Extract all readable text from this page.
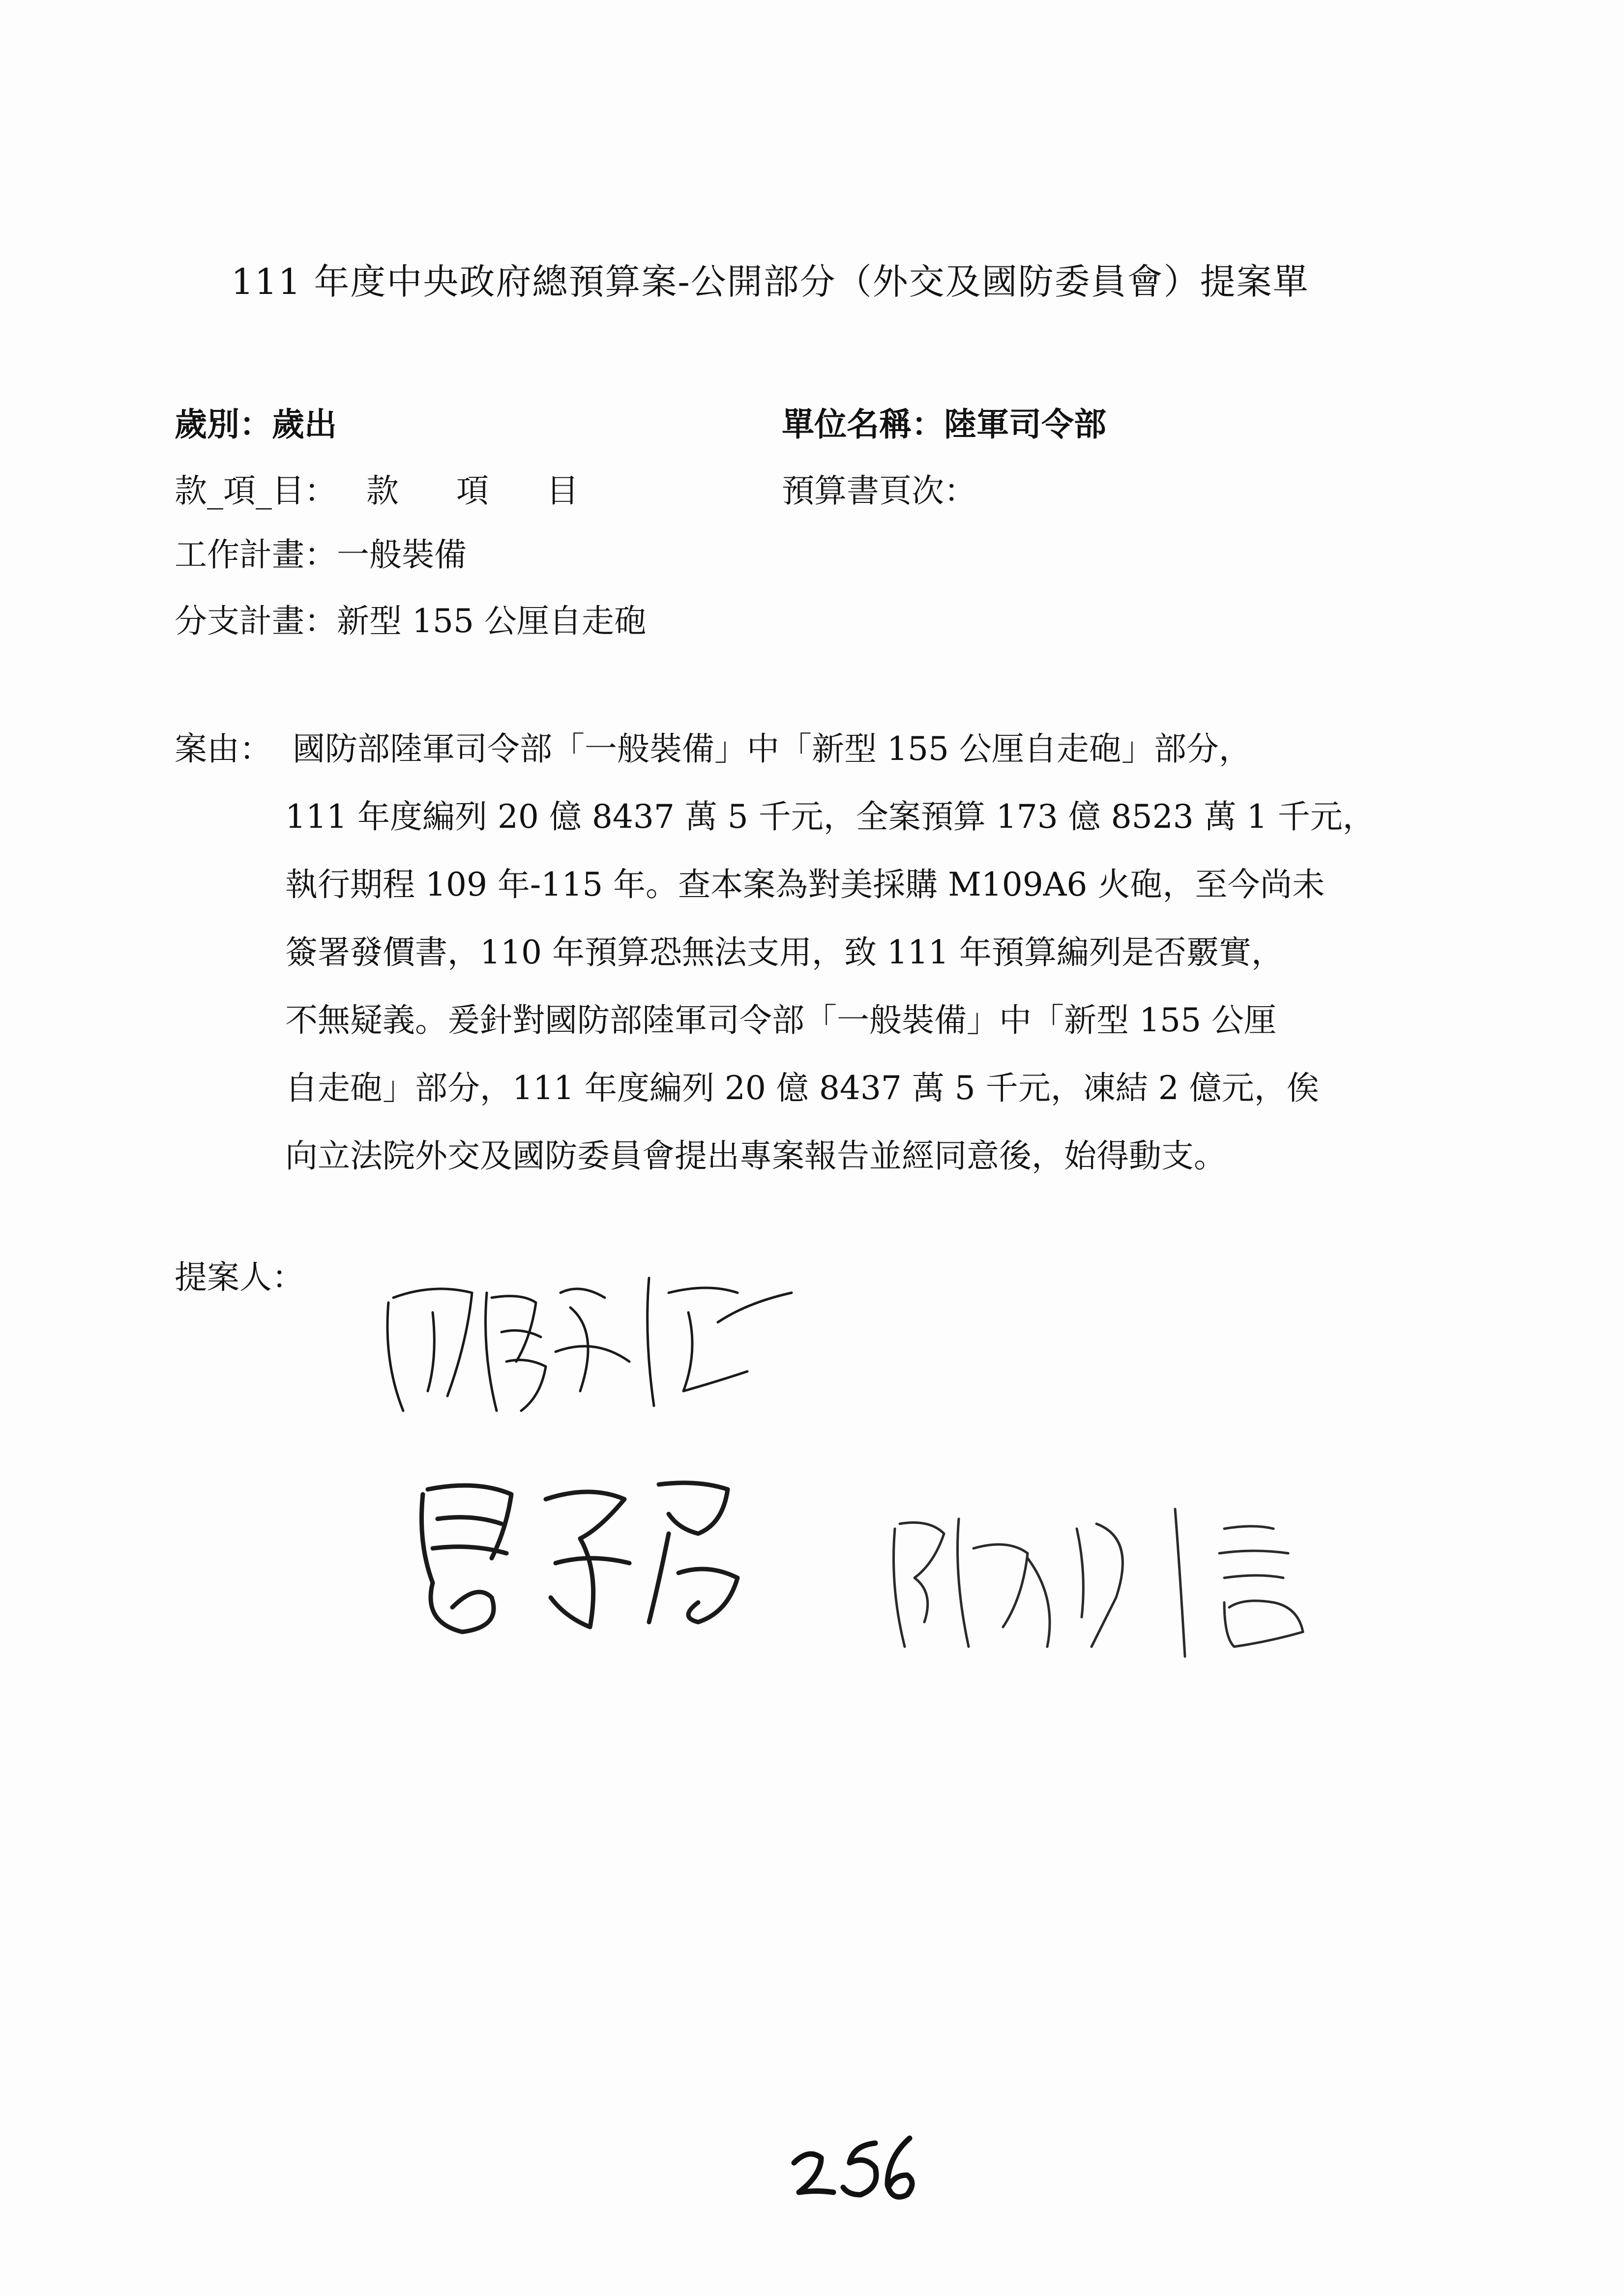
111 年度中央政府總預算案-公開部分（外交及國防委員會）提案單
歲別：歲出	單位名稱：陸軍司令部
款_項_目： 款 項 目	預算書頁次：
工作計畫：一般裝備
分支計畫：新型 155 公厘自走砲
案由： 國防部陸軍司令部「一般裝備」中「新型 155 公厘自走砲」部分，
111 年度編列 20 億 8437 萬 5 千元，全案預算 173 億 8523 萬 1 千元，
執行期程 109 年-115 年。查本案為對美採購 M109A6 火砲，至今尚未
簽署發價書，110 年預算恐無法支用，致 111 年預算編列是否覈實，
不無疑義。爰針對國防部陸軍司令部「一般裝備」中「新型 155 公厘
自走砲」部分，111 年度編列 20 億 8437 萬 5 千元，凍結 2 億元，俟
向立法院外交及國防委員會提出專案報告並經同意後，始得動支。
提案人：
